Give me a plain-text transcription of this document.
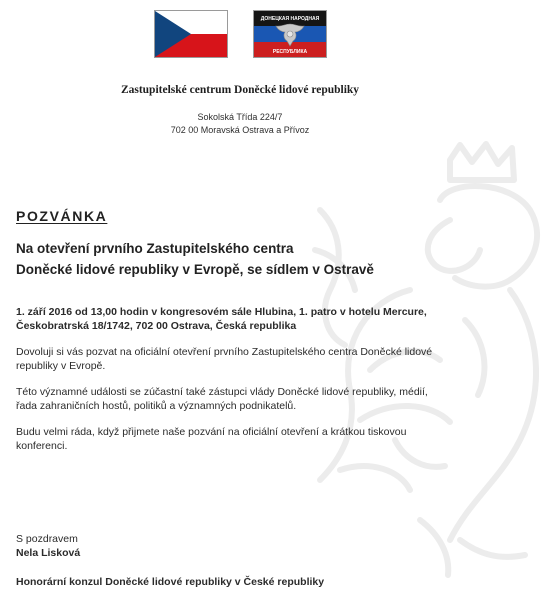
ДОНЕЦКАЯ НАРОДНАЯ
РЕСПУБЛИКА
Zastupitelské centrum Doněcké lidové republiky
Sokolská Třída 224/7
702 00 Moravská Ostrava a Přívoz
POZVÁNKA
Na otevření prvního Zastupitelského centra
Doněcké lidové republiky v Evropě, se sídlem v Ostravě
1. září 2016 od 13,00 hodin v kongresovém sále Hlubina, 1. patro v hotelu Mercure,
Českobratrská 18/1742, 702 00 Ostrava, Česká republika
Dovoluji si vás pozvat na oficiální otevření prvního Zastupitelského centra Doněcké lidové
republiky v Evropě.
Této významné události se zúčastní také zástupci vlády Doněcké lidové republiky, médií,
řada zahraničních hostů, politiků a významných podnikatelů.
Budu velmi ráda, když přijmete naše pozvání na oficiální otevření a krátkou tiskovou
konferenci.
S pozdravem
Nela Lisková
Honorární konzul Doněcké lidové republiky v České republiky
